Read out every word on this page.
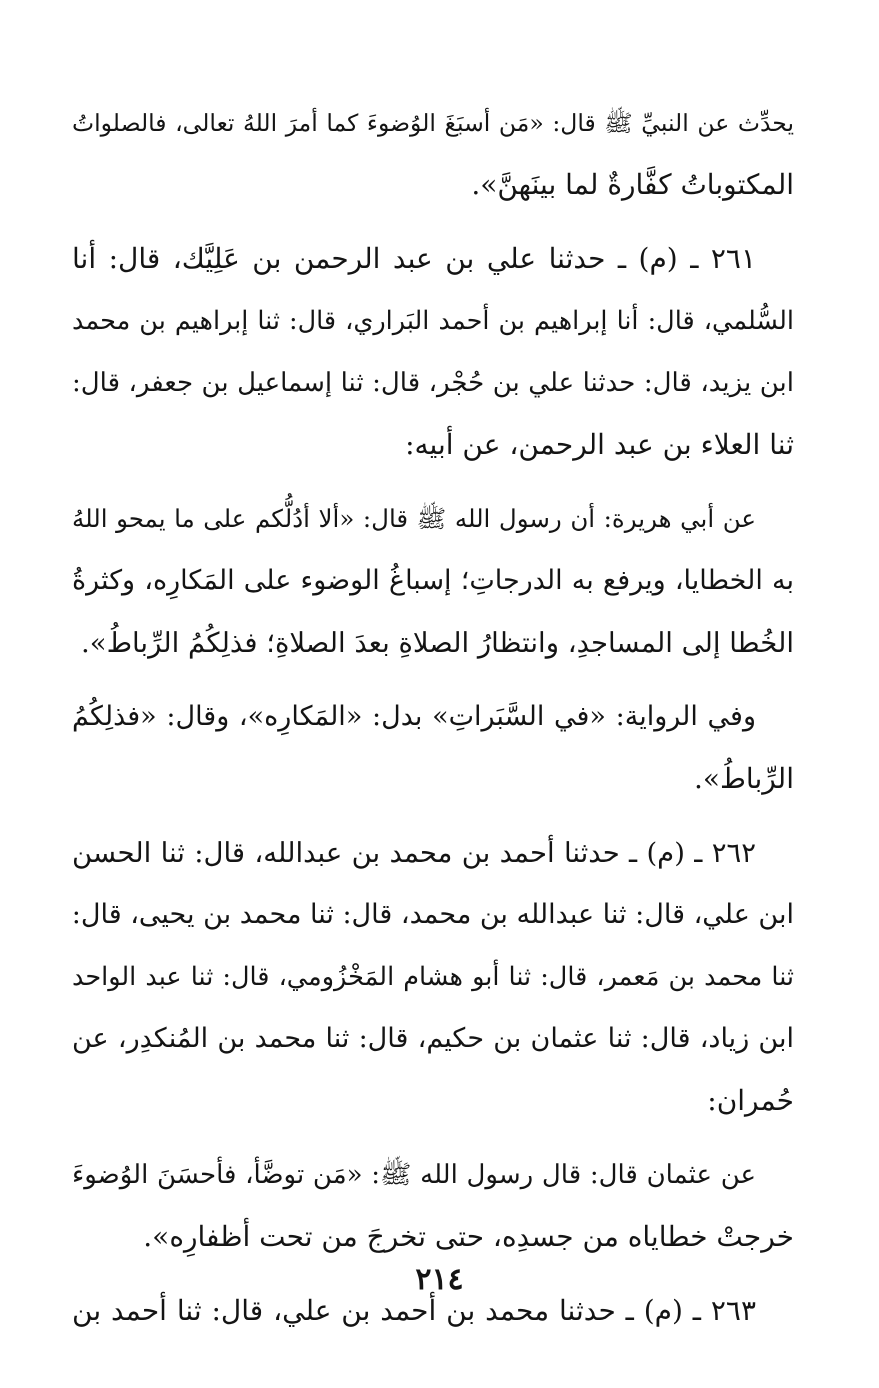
يحدِّث عن النبيِّ ﷺ قال: «مَن أسبَغَ الوُضوءَ كما أمرَ اللهُ تعالى، فالصلواتُ
المكتوباتُ كفَّارةٌ لما بينَهنَّ».
٢٦١ ـ (م) ـ حدثنا علي بن عبد الرحمن بن عَلِيَّك، قال: أنا
السُّلمي، قال: أنا إبراهيم بن أحمد البَراري، قال: ثنا إبراهيم بن محمد
ابن يزيد، قال: حدثنا علي بن حُجْر، قال: ثنا إسماعيل بن جعفر، قال:
ثنا العلاء بن عبد الرحمن، عن أبيه:
عن أبي هريرة: أن رسول الله ﷺ قال: «ألا أدُلُّكم على ما يمحو اللهُ
به الخطايا، ويرفع به الدرجاتِ؛ إسباغُ الوضوء على المَكارِه، وكثرةُ
الخُطا إلى المساجدِ، وانتظارُ الصلاةِ بعدَ الصلاةِ؛ فذلِكُمُ الرِّباطُ».
وفي الرواية: «في السَّبَراتِ» بدل: «المَكارِه»، وقال: «فذلِكُمُ
الرِّباطُ».
٢٦٢ ـ (م) ـ حدثنا أحمد بن محمد بن عبدالله، قال: ثنا الحسن
ابن علي، قال: ثنا عبدالله بن محمد، قال: ثنا محمد بن يحيى، قال:
ثنا محمد بن مَعمر، قال: ثنا أبو هشام المَخْزُومي، قال: ثنا عبد الواحد
ابن زياد، قال: ثنا عثمان بن حكيم، قال: ثنا محمد بن المُنكدِر، عن
حُمران:
عن عثمان قال: قال رسول الله ﷺ: «مَن توضَّأ، فأحسَنَ الوُضوءَ
خرجتْ خطاياه من جسدِه، حتى تخرجَ من تحت أظفارِه».
٢٦٣ ـ (م) ـ حدثنا محمد بن أحمد بن علي، قال: ثنا أحمد بن
٢١٤
